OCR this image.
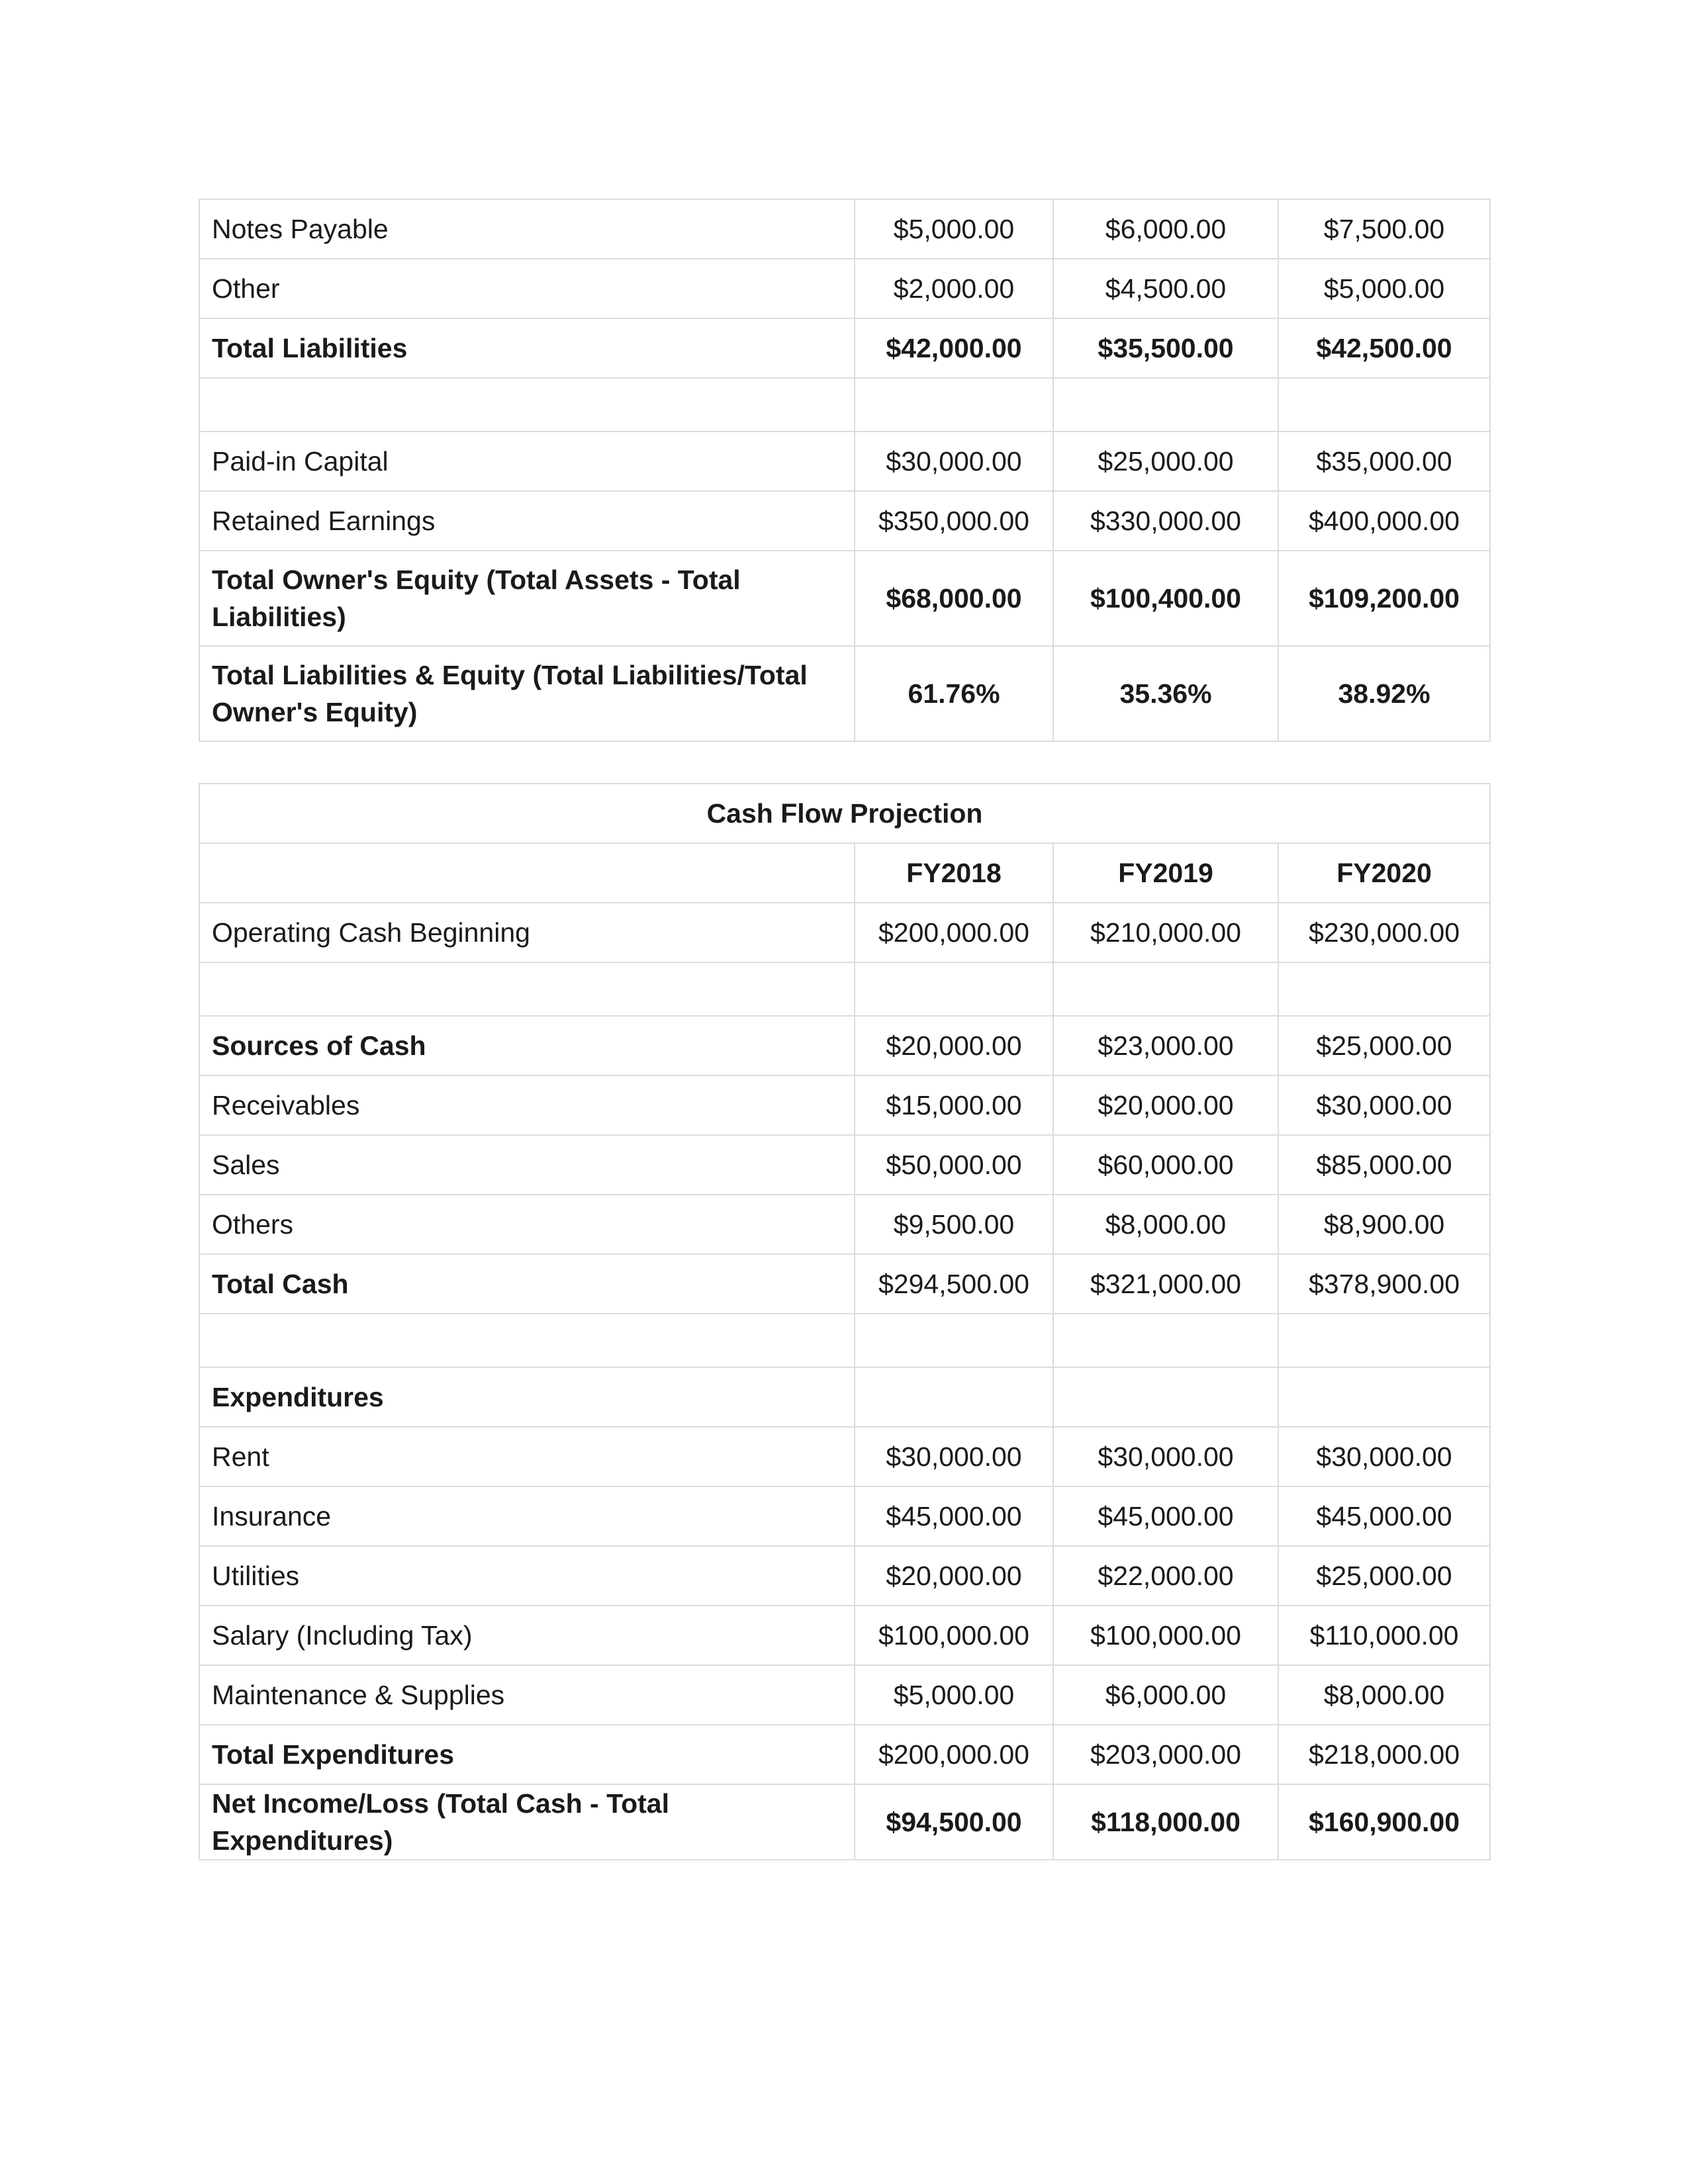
Notes Payable	$5,000.00	$6,000.00	$7,500.00
Other	$2,000.00	$4,500.00	$5,000.00
Total Liabilities	$42,000.00	$35,500.00	$42,500.00

Paid-in Capital	$30,000.00	$25,000.00	$35,000.00
Retained Earnings	$350,000.00	$330,000.00	$400,000.00
Total Owner's Equity (Total Assets - Total Liabilities)	$68,000.00	$100,400.00	$109,200.00
Total Liabilities & Equity (Total Liabilities/Total Owner's Equity)	61.76%	35.36%	38.92%
Cash Flow Projection			
	FY2018	FY2019	FY2020
Operating Cash Beginning	$200,000.00	$210,000.00	$230,000.00

Sources of Cash	$20,000.00	$23,000.00	$25,000.00
Receivables	$15,000.00	$20,000.00	$30,000.00
Sales	$50,000.00	$60,000.00	$85,000.00
Others	$9,500.00	$8,000.00	$8,900.00
Total Cash	$294,500.00	$321,000.00	$378,900.00

Expenditures			
Rent	$30,000.00	$30,000.00	$30,000.00
Insurance	$45,000.00	$45,000.00	$45,000.00
Utilities	$20,000.00	$22,000.00	$25,000.00
Salary (Including Tax)	$100,000.00	$100,000.00	$110,000.00
Maintenance & Supplies	$5,000.00	$6,000.00	$8,000.00
Total Expenditures	$200,000.00	$203,000.00	$218,000.00
Net Income/Loss (Total Cash - Total Expenditures)	$94,500.00	$118,000.00	$160,900.00
